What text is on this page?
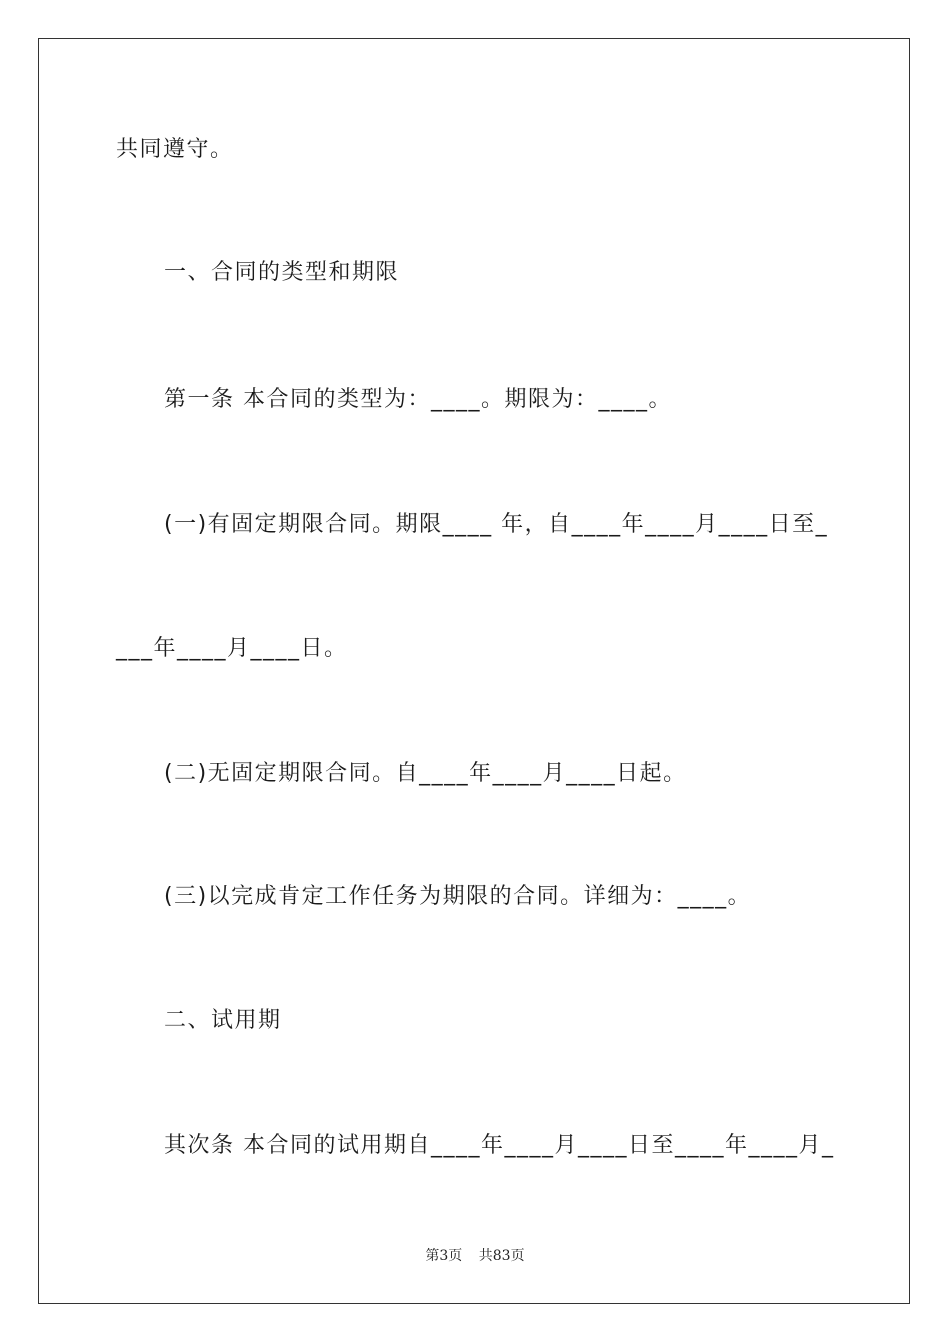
共同遵守。
一、合同的类型和期限
第一条 本合同的类型为：____。期限为：____。
(一)有固定期限合同。期限____ 年，自____年____月____日至_
___年____月____日。
(二)无固定期限合同。自____年____月____日起。
(三)以完成肯定工作任务为期限的合同。详细为：____。
二、试用期
其次条 本合同的试用期自____年____月____日至____年____月_
第3页 共83页
